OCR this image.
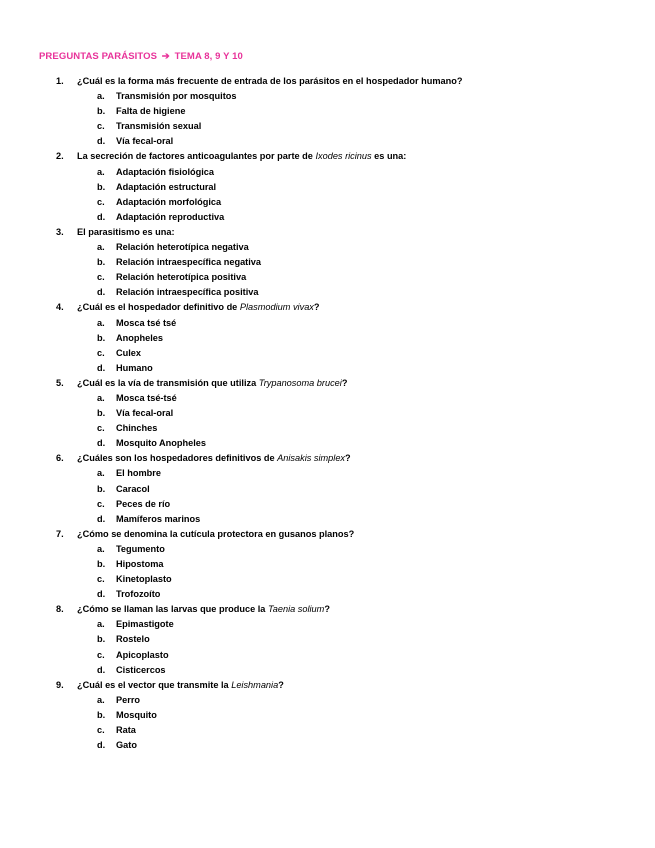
PREGUNTAS PARÁSITOS ➔ TEMA 8, 9 Y 10
1.	¿Cuál es la forma más frecuente de entrada de los parásitos en el hospedador humano?
a. Transmisión por mosquitos
b. Falta de higiene
c. Transmisión sexual
d. Vía fecal-oral
2.	La secreción de factores anticoagulantes por parte de Ixodes ricinus es una:
a. Adaptación fisiológica
b. Adaptación estructural
c. Adaptación morfológica
d. Adaptación reproductiva
3.	El parasitismo es una:
a. Relación heterotípica negativa
b. Relación intraespecífica negativa
c. Relación heterotípica positiva
d. Relación intraespecífica positiva
4.	¿Cuál es el hospedador definitivo de Plasmodium vivax?
a. Mosca tsé tsé
b. Anopheles
c. Culex
d. Humano
5.	¿Cuál es la vía de transmisión que utiliza Trypanosoma brucei?
a. Mosca tsé-tsé
b. Vía fecal-oral
c. Chinches
d. Mosquito Anopheles
6.	¿Cuáles son los hospedadores definitivos de Anisakis simplex?
a. El hombre
b. Caracol
c. Peces de río
d. Mamíferos marinos
7.	¿Cómo se denomina la cutícula protectora en gusanos planos?
a. Tegumento
b. Hipostoma
c. Kinetoplasto
d. Trofozoíto
8.	¿Cómo se llaman las larvas que produce la Taenia solium?
a. Epimastigote
b. Rostelo
c. Apicoplasto
d. Cisticercos
9.	¿Cuál es el vector que transmite la Leishmania?
a. Perro
b. Mosquito
c. Rata
d. Gato
